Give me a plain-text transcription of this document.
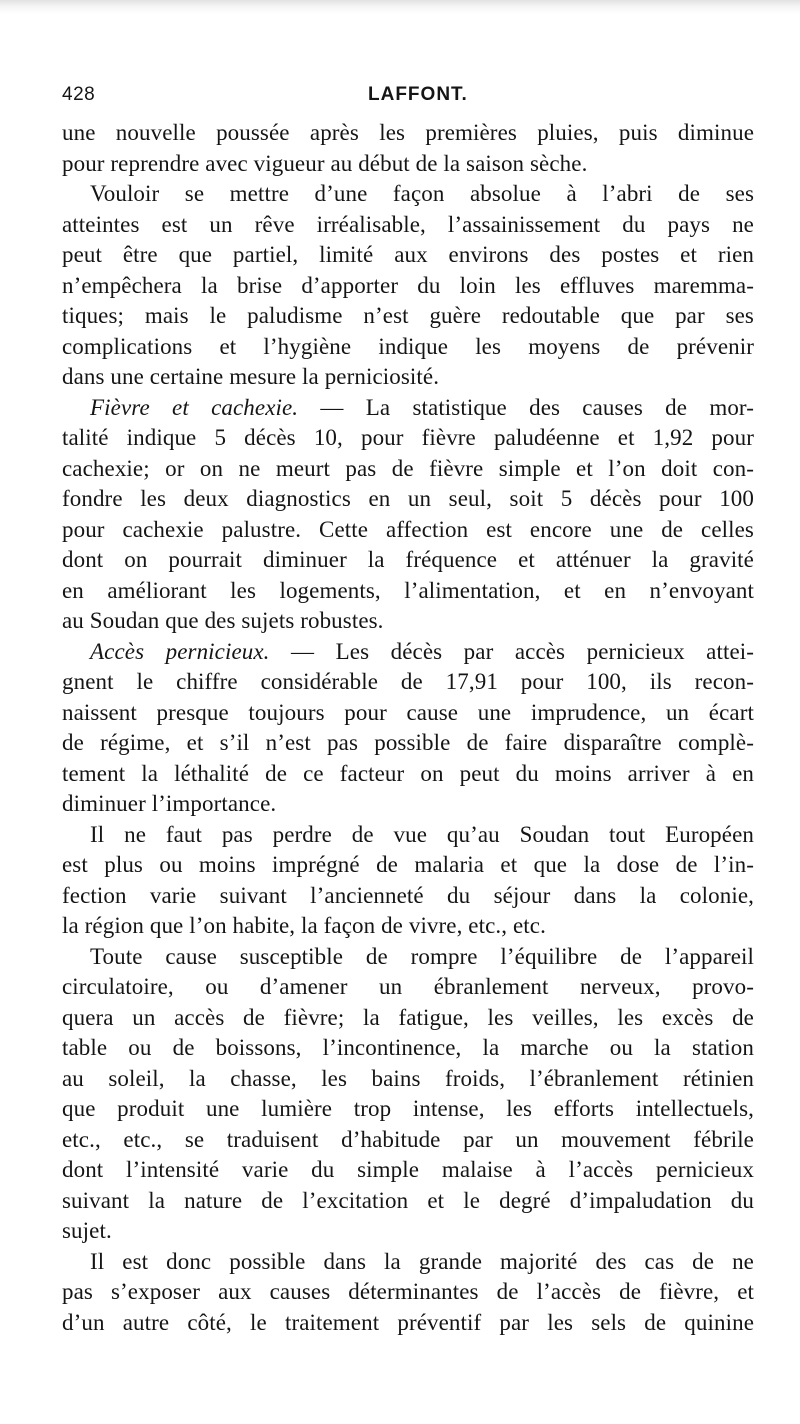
428	LAFFONT.
une nouvelle poussée après les premières pluies, puis diminue
pour reprendre avec vigueur au début de la saison sèche.
Vouloir se mettre d’une façon absolue à l’abri de ses
atteintes est un rêve irréalisable, l’assainissement du pays ne
peut être que partiel, limité aux environs des postes et rien
n’empêchera la brise d’apporter du loin les effluves maremma-
tiques; mais le paludisme n’est guère redoutable que par ses
complications et l’hygiène indique les moyens de prévenir
dans une certaine mesure la perniciosité.
Fièvre et cachexie. — La statistique des causes de mor-
talité indique 5 décès 10, pour fièvre paludéenne et 1,92 pour
cachexie; or on ne meurt pas de fièvre simple et l’on doit con-
fondre les deux diagnostics en un seul, soit 5 décès pour 100
pour cachexie palustre. Cette affection est encore une de celles
dont on pourrait diminuer la fréquence et atténuer la gravité
en améliorant les logements, l’alimentation, et en n’envoyant
au Soudan que des sujets robustes.
Accès pernicieux. — Les décès par accès pernicieux attei-
gnent le chiffre considérable de 17,91 pour 100, ils recon-
naissent presque toujours pour cause une imprudence, un écart
de régime, et s’il n’est pas possible de faire disparaître complè-
tement la léthalité de ce facteur on peut du moins arriver à en
diminuer l’importance.
Il ne faut pas perdre de vue qu’au Soudan tout Européen
est plus ou moins imprégné de malaria et que la dose de l’in-
fection varie suivant l’ancienneté du séjour dans la colonie,
la région que l’on habite, la façon de vivre, etc., etc.
Toute cause susceptible de rompre l’équilibre de l’appareil
circulatoire, ou d’amener un ébranlement nerveux, provo-
quera un accès de fièvre; la fatigue, les veilles, les excès de
table ou de boissons, l’incontinence, la marche ou la station
au soleil, la chasse, les bains froids, l’ébranlement rétinien
que produit une lumière trop intense, les efforts intellectuels,
etc., etc., se traduisent d’habitude par un mouvement fébrile
dont l’intensité varie du simple malaise à l’accès pernicieux
suivant la nature de l’excitation et le degré d’impaludation du
sujet.
Il est donc possible dans la grande majorité des cas de ne
pas s’exposer aux causes déterminantes de l’accès de fièvre, et
d’un autre côté, le traitement préventif par les sels de quinine
